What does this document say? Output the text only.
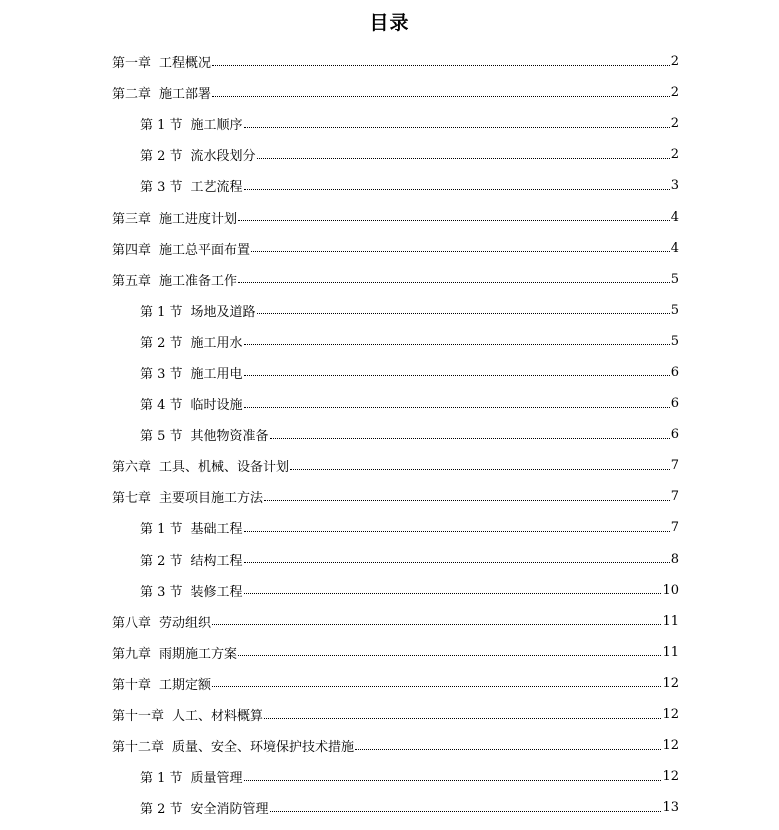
目录
第一章 工程概况	2
第二章 施工部署	2
第 1 节 施工顺序	2
第 2 节 流水段划分	2
第 3 节 工艺流程	3
第三章 施工进度计划	4
第四章 施工总平面布置	4
第五章 施工准备工作	5
第 1 节 场地及道路	5
第 2 节 施工用水	5
第 3 节 施工用电	6
第 4 节 临时设施	6
第 5 节 其他物资准备	6
第六章 工具、机械、设备计划	7
第七章 主要项目施工方法	7
第 1 节 基础工程	7
第 2 节 结构工程	8
第 3 节 装修工程	10
第八章 劳动组织	11
第九章 雨期施工方案	11
第十章 工期定额	12
第十一章 人工、材料概算	12
第十二章 质量、安全、环境保护技术措施	12
第 1 节 质量管理	12
第 2 节 安全消防管理	13
